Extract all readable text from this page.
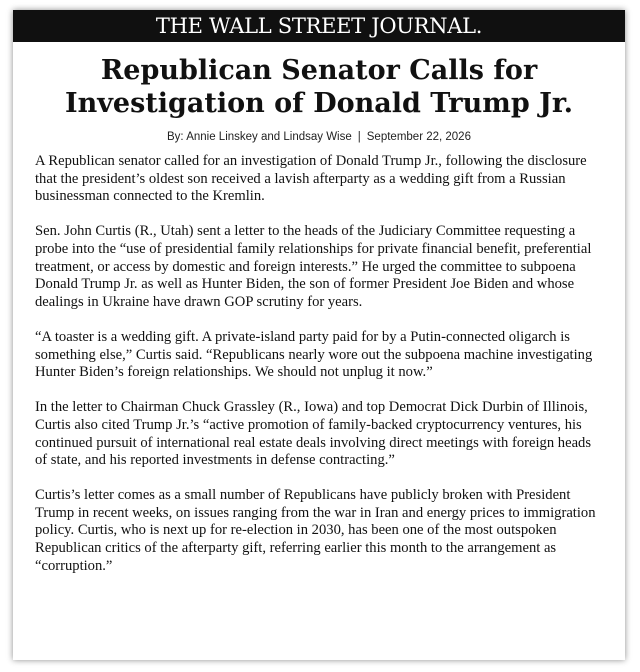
THE WALL STREET JOURNAL.
Republican Senator Calls for Investigation of Donald Trump Jr.
By: Annie Linskey and Lindsay Wise | September 22, 2026

A Republican senator called for an investigation of Donald Trump Jr., following the disclosure that the president’s oldest son received a lavish afterparty as a wedding gift from a Russian businessman connected to the Kremlin.

Sen. John Curtis (R., Utah) sent a letter to the heads of the Judiciary Committee requesting a probe into the “use of presidential family relationships for private financial benefit, preferential treatment, or access by domestic and foreign interests.” He urged the committee to subpoena Donald Trump Jr. as well as Hunter Biden, the son of former President Joe Biden and whose dealings in Ukraine have drawn GOP scrutiny for years.

“A toaster is a wedding gift. A private-island party paid for by a Putin-connected oligarch is something else,” Curtis said. “Republicans nearly wore out the subpoena machine investigating Hunter Biden’s foreign relationships. We should not unplug it now.”

In the letter to Chairman Chuck Grassley (R., Iowa) and top Democrat Dick Durbin of Illinois, Curtis also cited Trump Jr.’s “active promotion of family-backed cryptocurrency ventures, his continued pursuit of international real estate deals involving direct meetings with foreign heads of state, and his reported investments in defense contracting.”

Curtis’s letter comes as a small number of Republicans have publicly broken with President Trump in recent weeks, on issues ranging from the war in Iran and energy prices to immigration policy. Curtis, who is next up for re-election in 2030, has been one of the most outspoken Republican critics of the afterparty gift, referring earlier this month to the arrangement as “corruption.”
